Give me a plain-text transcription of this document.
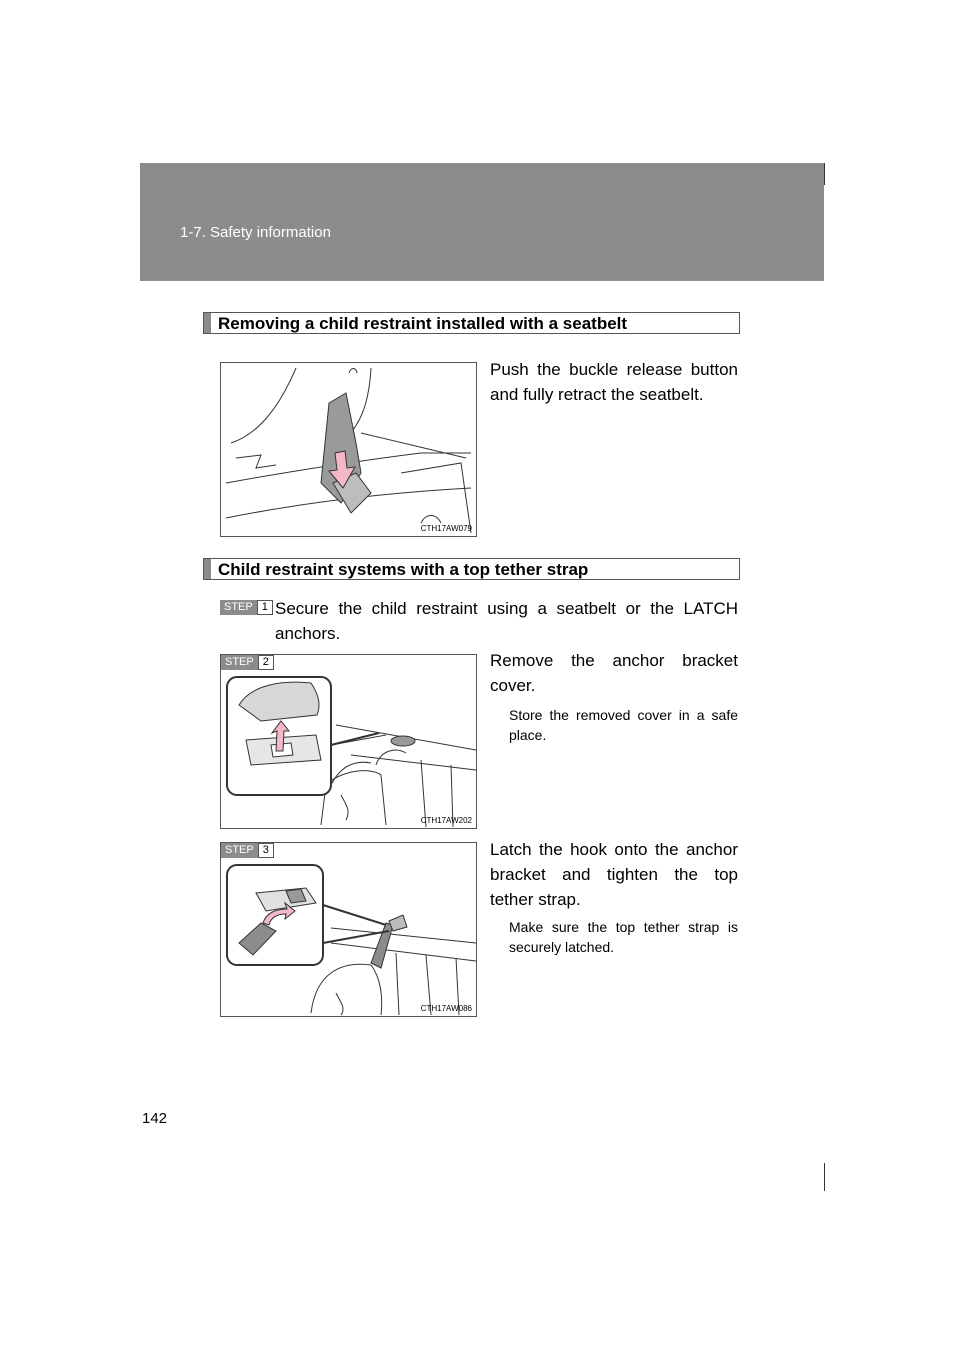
1-7. Safety information
Removing a child restraint installed with a seatbelt
CTH17AW079
Push the buckle release button and fully retract the seatbelt.
Child restraint systems with a top tether strap
STEP 1 Secure the child restraint using a seatbelt or the LATCH anchors.
STEP 2
CTH17AW202
Remove the anchor bracket cover.
Store the removed cover in a safe place.
STEP 3
CTH17AW086
Latch the hook onto the anchor bracket and tighten the top tether strap.
Make sure the top tether strap is securely latched.
142
